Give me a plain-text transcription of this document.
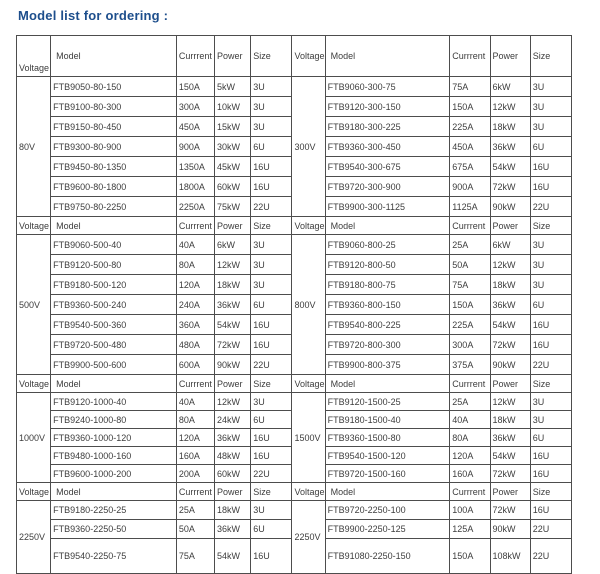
Model list for ordering :
Voltage	Model	Currrent	Power	Size	Voltage	Model	Currrent	Power	Size
80V	FTB9050-80-150	150A	5kW	3U	300V	FTB9060-300-75	75A	6kW	3U
	FTB9100-80-300	300A	10kW	3U		FTB9120-300-150	150A	12kW	3U
	FTB9150-80-450	450A	15kW	3U		FTB9180-300-225	225A	18kW	3U
	FTB9300-80-900	900A	30kW	6U		FTB9360-300-450	450A	36kW	6U
	FTB9450-80-1350	1350A	45kW	16U		FTB9540-300-675	675A	54kW	16U
	FTB9600-80-1800	1800A	60kW	16U		FTB9720-300-900	900A	72kW	16U
	FTB9750-80-2250	2250A	75kW	22U		FTB9900-300-1125	1125A	90kW	22U
Voltage	Model	Currrent	Power	Size	Voltage	Model	Currrent	Power	Size
500V	FTB9060-500-40	40A	6kW	3U	800V	FTB9060-800-25	25A	6kW	3U
	FTB9120-500-80	80A	12kW	3U		FTB9120-800-50	50A	12kW	3U
	FTB9180-500-120	120A	18kW	3U		FTB9180-800-75	75A	18kW	3U
	FTB9360-500-240	240A	36kW	6U		FTB9360-800-150	150A	36kW	6U
	FTB9540-500-360	360A	54kW	16U		FTB9540-800-225	225A	54kW	16U
	FTB9720-500-480	480A	72kW	16U		FTB9720-800-300	300A	72kW	16U
	FTB9900-500-600	600A	90kW	22U		FTB9900-800-375	375A	90kW	22U
Voltage	Model	Currrent	Power	Size	Voltage	Model	Currrent	Power	Size
1000V	FTB9120-1000-40	40A	12kW	3U	1500V	FTB9120-1500-25	25A	12kW	3U
	FTB9240-1000-80	80A	24kW	6U		FTB9180-1500-40	40A	18kW	3U
	FTB9360-1000-120	120A	36kW	16U		FTB9360-1500-80	80A	36kW	6U
	FTB9480-1000-160	160A	48kW	16U		FTB9540-1500-120	120A	54kW	16U
	FTB9600-1000-200	200A	60kW	22U		FTB9720-1500-160	160A	72kW	16U
Voltage	Model	Currrent	Power	Size	Voltage	Model	Currrent	Power	Size
2250V	FTB9180-2250-25	25A	18kW	3U	2250V	FTB9720-2250-100	100A	72kW	16U
	FTB9360-2250-50	50A	36kW	6U		FTB9900-2250-125	125A	90kW	22U
	FTB9540-2250-75	75A	54kW	16U		FTB91080-2250-150	150A	108kW	22U
